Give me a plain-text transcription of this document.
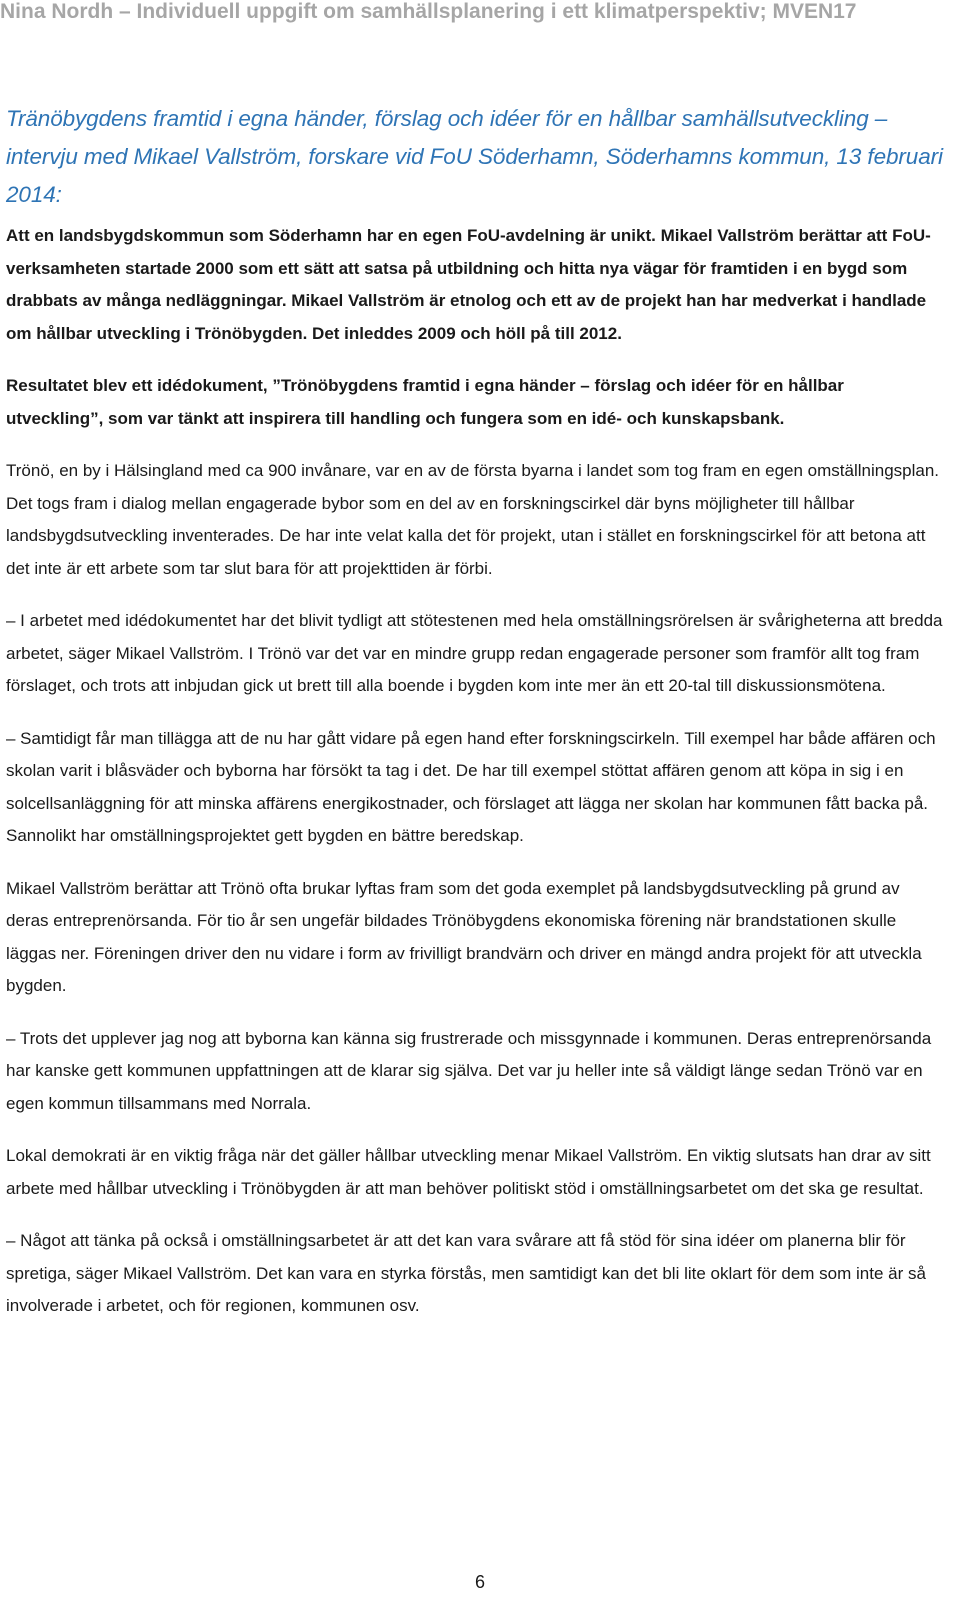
Nina Nordh – Individuell uppgift om samhällsplanering i ett klimatperspektiv; MVEN17

Tränöbygdens framtid i egna händer, förslag och idéer för en hållbar samhällsutveckling – intervju med Mikael Vallström, forskare vid FoU Söderhamn, Söderhamns kommun, 13 februari 2014:

Att en landsbygdskommun som Söderhamn har en egen FoU-avdelning är unikt. Mikael Vallström berättar att FoU-verksamheten startade 2000 som ett sätt att satsa på utbildning och hitta nya vägar för framtiden i en bygd som drabbats av många nedläggningar. Mikael Vallström är etnolog och ett av de projekt han har medverkat i handlade om hållbar utveckling i Trönöbygden. Det inleddes 2009 och höll på till 2012.

Resultatet blev ett idédokument, ”Trönöbygdens framtid i egna händer – förslag och idéer för en hållbar utveckling”, som var tänkt att inspirera till handling och fungera som en idé- och kunskapsbank.

Trönö, en by i Hälsingland med ca 900 invånare, var en av de första byarna i landet som tog fram en egen omställningsplan. Det togs fram i dialog mellan engagerade bybor som en del av en forskningscirkel där byns möjligheter till hållbar landsbygdsutveckling inventerades. De har inte velat kalla det för projekt, utan i stället en forskningscirkel för att betona att det inte är ett arbete som tar slut bara för att projekttiden är förbi.

– I arbetet med idédokumentet har det blivit tydligt att stötestenen med hela omställningsrörelsen är svårigheterna att bredda arbetet, säger Mikael Vallström. I Trönö var det var en mindre grupp redan engagerade personer som framför allt tog fram förslaget, och trots att inbjudan gick ut brett till alla boende i bygden kom inte mer än ett 20-tal till diskussionsmötena.

– Samtidigt får man tillägga att de nu har gått vidare på egen hand efter forskningscirkeln. Till exempel har både affären och skolan varit i blåsväder och byborna har försökt ta tag i det. De har till exempel stöttat affären genom att köpa in sig i en solcellsanläggning för att minska affärens energikostnader, och förslaget att lägga ner skolan har kommunen fått backa på. Sannolikt har omställningsprojektet gett bygden en bättre beredskap.

Mikael Vallström berättar att Trönö ofta brukar lyftas fram som det goda exemplet på landsbygdsutveckling på grund av deras entreprenörsanda. För tio år sen ungefär bildades Trönöbygdens ekonomiska förening när brandstationen skulle läggas ner. Föreningen driver den nu vidare i form av frivilligt brandvärn och driver en mängd andra projekt för att utveckla bygden.

– Trots det upplever jag nog att byborna kan känna sig frustrerade och missgynnade i kommunen. Deras entreprenörsanda har kanske gett kommunen uppfattningen att de klarar sig själva. Det var ju heller inte så väldigt länge sedan Trönö var en egen kommun tillsammans med Norrala.

Lokal demokrati är en viktig fråga när det gäller hållbar utveckling menar Mikael Vallström. En viktig slutsats han drar av sitt arbete med hållbar utveckling i Trönöbygden är att man behöver politiskt stöd i omställningsarbetet om det ska ge resultat.

– Något att tänka på också i omställningsarbetet är att det kan vara svårare att få stöd för sina idéer om planerna blir för spretiga, säger Mikael Vallström. Det kan vara en styrka förstås, men samtidigt kan det bli lite oklart för dem som inte är så involverade i arbetet, och för regionen, kommunen osv.

6
